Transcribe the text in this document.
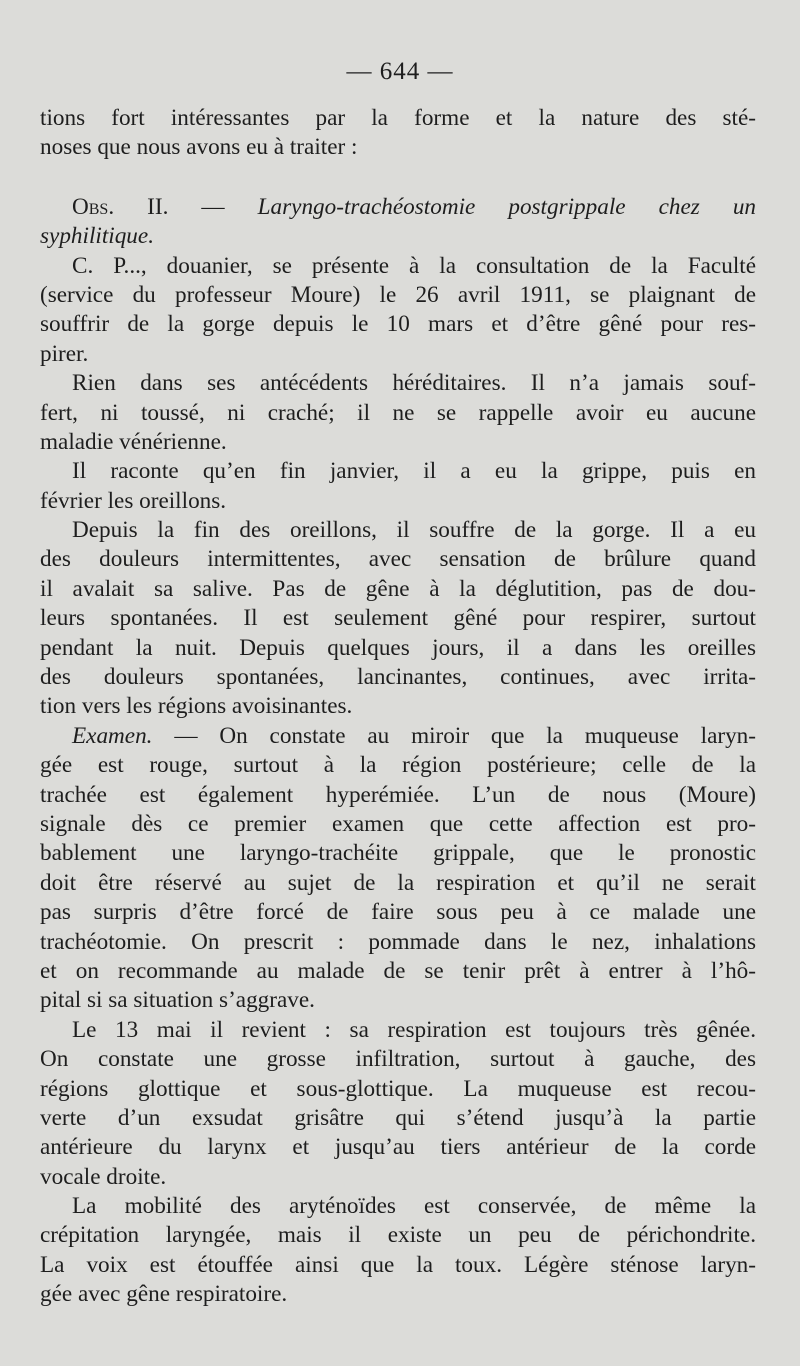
— 644 —
tions fort intéressantes par la forme et la nature des sté-
noses que nous avons eu à traiter :
Obs. II. — Laryngo-trachéostomie postgrippale chez un
syphilitique.
C. P..., douanier, se présente à la consultation de la Faculté
(service du professeur Moure) le 26 avril 1911, se plaignant de
souffrir de la gorge depuis le 10 mars et d’être gêné pour res-
pirer.
Rien dans ses antécédents héréditaires. Il n’a jamais souf-
fert, ni toussé, ni craché; il ne se rappelle avoir eu aucune
maladie vénérienne.
Il raconte qu’en fin janvier, il a eu la grippe, puis en
février les oreillons.
Depuis la fin des oreillons, il souffre de la gorge. Il a eu
des douleurs intermittentes, avec sensation de brûlure quand
il avalait sa salive. Pas de gêne à la déglutition, pas de dou-
leurs spontanées. Il est seulement gêné pour respirer, surtout
pendant la nuit. Depuis quelques jours, il a dans les oreilles
des douleurs spontanées, lancinantes, continues, avec irrita-
tion vers les régions avoisinantes.
Examen. — On constate au miroir que la muqueuse laryn-
gée est rouge, surtout à la région postérieure; celle de la
trachée est également hyperémiée. L’un de nous (Moure)
signale dès ce premier examen que cette affection est pro-
bablement une laryngo-trachéite grippale, que le pronostic
doit être réservé au sujet de la respiration et qu’il ne serait
pas surpris d’être forcé de faire sous peu à ce malade une
trachéotomie. On prescrit : pommade dans le nez, inhalations
et on recommande au malade de se tenir prêt à entrer à l’hô-
pital si sa situation s’aggrave.
Le 13 mai il revient : sa respiration est toujours très gênée.
On constate une grosse infiltration, surtout à gauche, des
régions glottique et sous-glottique. La muqueuse est recou-
verte d’un exsudat grisâtre qui s’étend jusqu’à la partie
antérieure du larynx et jusqu’au tiers antérieur de la corde
vocale droite.
La mobilité des aryténoïdes est conservée, de même la
crépitation laryngée, mais il existe un peu de périchondrite.
La voix est étouffée ainsi que la toux. Légère sténose laryn-
gée avec gêne respiratoire.
